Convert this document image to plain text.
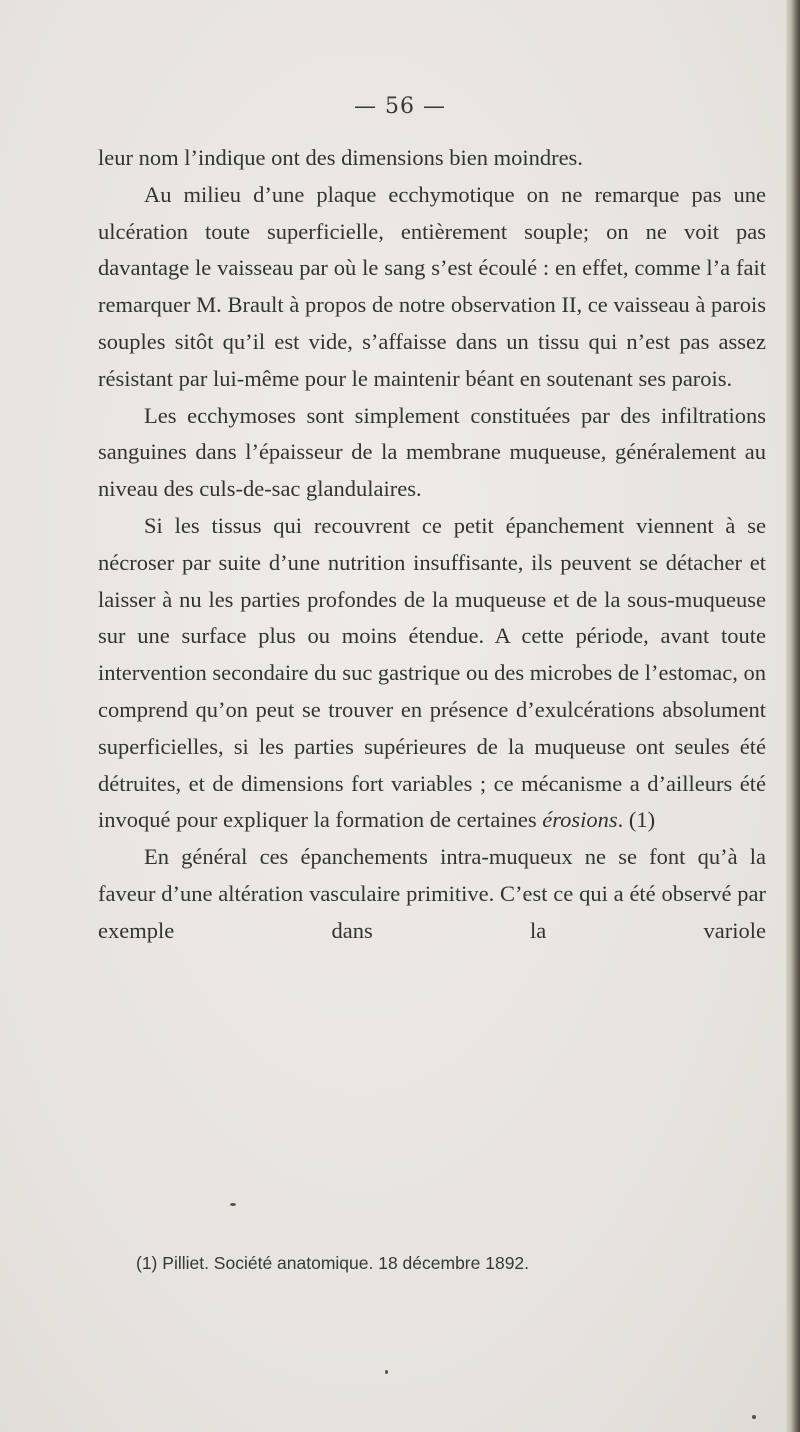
— 56 —

leur nom l’indique ont des dimensions bien moindres.

Au milieu d’une plaque ecchymotique on ne remarque pas une ulcération toute superficielle, entièrement souple; on ne voit pas davantage le vaisseau par où le sang s’est écoulé : en effet, comme l’a fait remarquer M. Brault à propos de notre observation II, ce vaisseau à parois souples sitôt qu’il est vide, s’affaisse dans un tissu qui n’est pas assez résistant par lui-même pour le maintenir béant en soutenant ses parois.

Les ecchymoses sont simplement constituées par des infiltrations sanguines dans l’épaisseur de la membrane muqueuse, généralement au niveau des culs-de-sac glandulaires.

Si les tissus qui recouvrent ce petit épanchement viennent à se nécroser par suite d’une nutrition insuffisante, ils peuvent se détacher et laisser à nu les parties profondes de la muqueuse et de la sous-muqueuse sur une surface plus ou moins étendue. A cette période, avant toute intervention secondaire du suc gastrique ou des microbes de l’estomac, on comprend qu’on peut se trouver en présence d’exulcérations absolument superficielles, si les parties supérieures de la muqueuse ont seules été détruites, et de dimensions fort variables ; ce mécanisme a d’ailleurs été invoqué pour expliquer la formation de certaines érosions. (1)

En général ces épanchements intra-muqueux ne se font qu’à la faveur d’une altération vasculaire primitive. C’est ce qui a été observé par exemple dans la variole

(1) Pilliet. Société anatomique. 18 décembre 1892.
